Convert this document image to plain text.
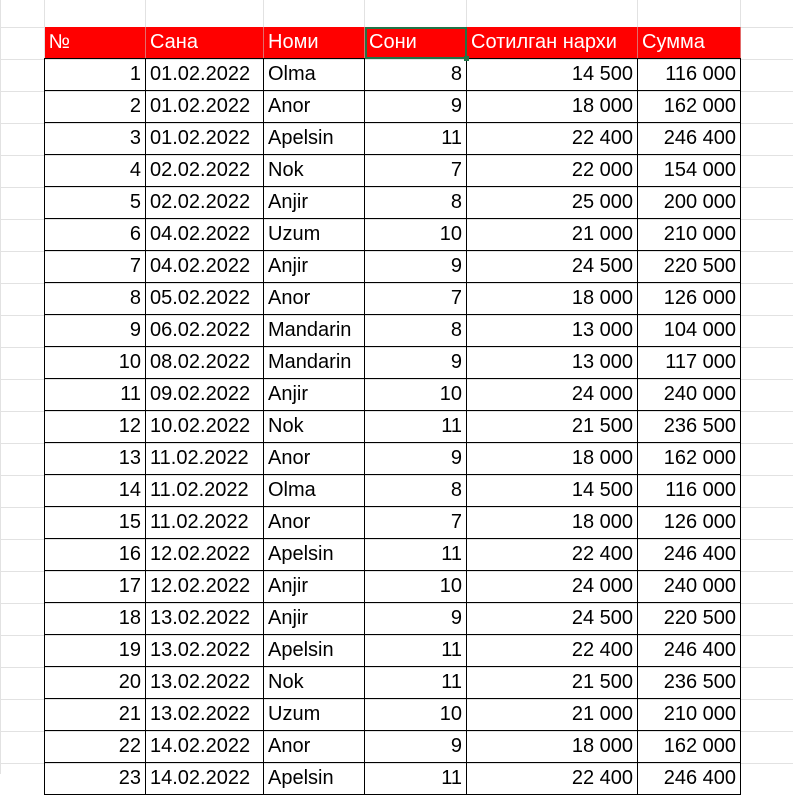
№	Сана	Номи	Сони	Сотилган нархи	Сумма
1	01.02.2022	Olma	8	14 500	116 000
2	01.02.2022	Anor	9	18 000	162 000
3	01.02.2022	Apelsin	11	22 400	246 400
4	02.02.2022	Nok	7	22 000	154 000
5	02.02.2022	Anjir	8	25 000	200 000
6	04.02.2022	Uzum	10	21 000	210 000
7	04.02.2022	Anjir	9	24 500	220 500
8	05.02.2022	Anor	7	18 000	126 000
9	06.02.2022	Mandarin	8	13 000	104 000
10	08.02.2022	Mandarin	9	13 000	117 000
11	09.02.2022	Anjir	10	24 000	240 000
12	10.02.2022	Nok	11	21 500	236 500
13	11.02.2022	Anor	9	18 000	162 000
14	11.02.2022	Olma	8	14 500	116 000
15	11.02.2022	Anor	7	18 000	126 000
16	12.02.2022	Apelsin	11	22 400	246 400
17	12.02.2022	Anjir	10	24 000	240 000
18	13.02.2022	Anjir	9	24 500	220 500
19	13.02.2022	Apelsin	11	22 400	246 400
20	13.02.2022	Nok	11	21 500	236 500
21	13.02.2022	Uzum	10	21 000	210 000
22	14.02.2022	Anor	9	18 000	162 000
23	14.02.2022	Apelsin	11	22 400	246 400
